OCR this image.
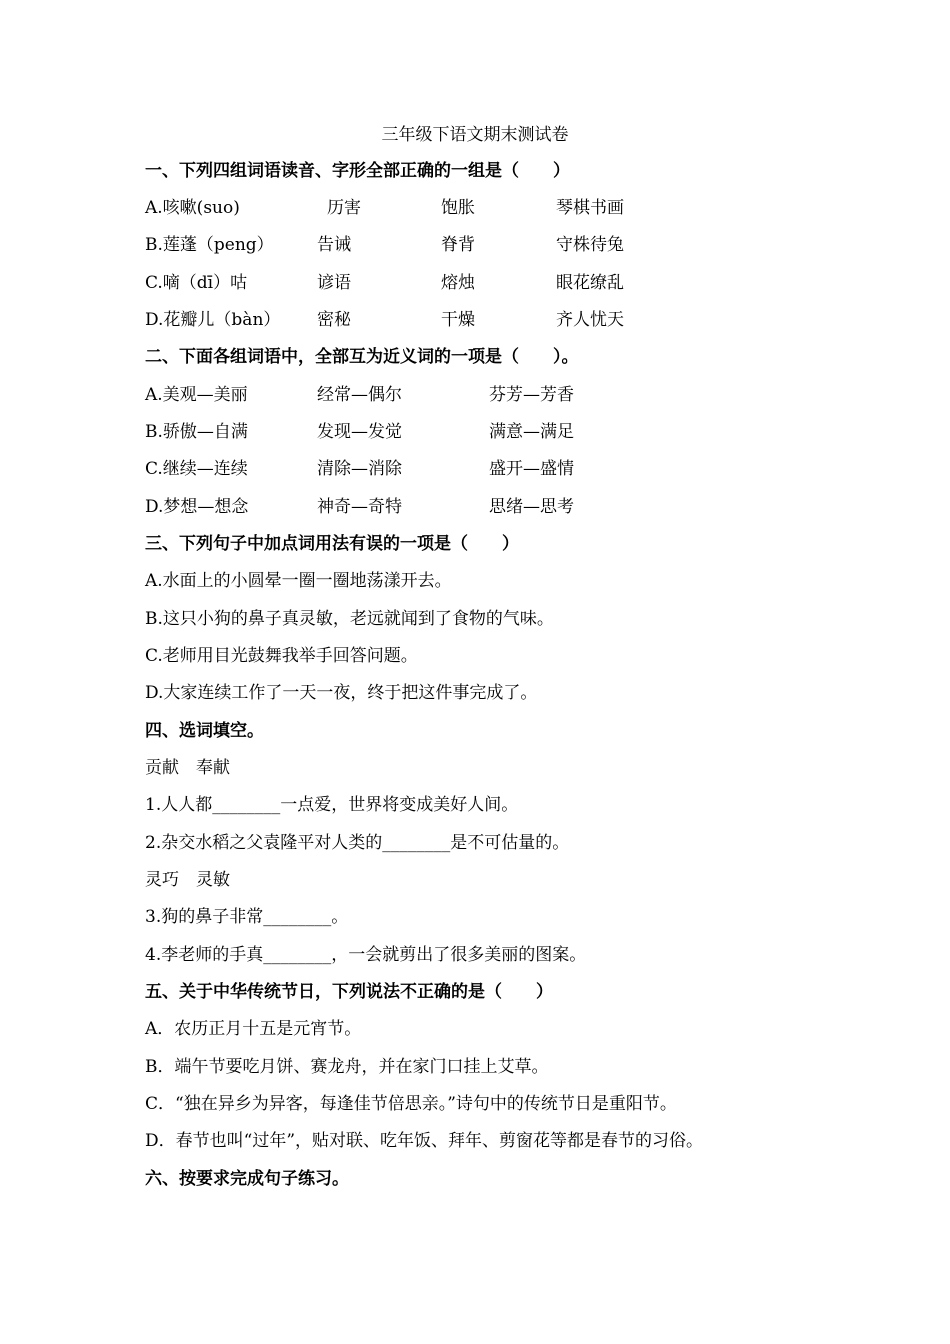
三年级下语文期末测试卷
一、下列四组词语读音、字形全部正确的一组是（　　）
A.咳嗽(suo)	历害	饱胀	琴棋书画
B.莲蓬（peng）	告诫	脊背	守株待兔
C.嘀（dī）咕	谚语	熔烛	眼花缭乱
D.花瓣儿（bàn） 密秘	干燥	齐人忧天
二、下面各组词语中，全部互为近义词的一项是（　　）。
A.美观—美丽	经常—偶尔	芬芳—芳香
B.骄傲—自满	发现—发觉	满意—满足
C.继续—连续	清除—消除	盛开—盛情
D.梦想—想念	神奇—奇特	思绪—思考
三、下列句子中加点词用法有误的一项是（　　）
A.水面上的小圆晕一圈一圈地荡漾开去。
B.这只小狗的鼻子真灵敏，老远就闻到了食物的气味。
C.老师用目光鼓舞我举手回答问题。
D.大家连续工作了一天一夜，终于把这件事完成了。
四、选词填空。
贡献　奉献
1.人人都________一点爱，世界将变成美好人间。
2.杂交水稻之父袁隆平对人类的________是不可估量的。
灵巧　灵敏
3.狗的鼻子非常________。
4.李老师的手真________，一会就剪出了很多美丽的图案。
五、关于中华传统节日，下列说法不正确的是（　　）
A．农历正月十五是元宵节。
B．端午节要吃月饼、赛龙舟，并在家门口挂上艾草。
C．“独在异乡为异客，每逢佳节倍思亲。”诗句中的传统节日是重阳节。
D．春节也叫“过年”，贴对联、吃年饭、拜年、剪窗花等都是春节的习俗。
六、按要求完成句子练习。
